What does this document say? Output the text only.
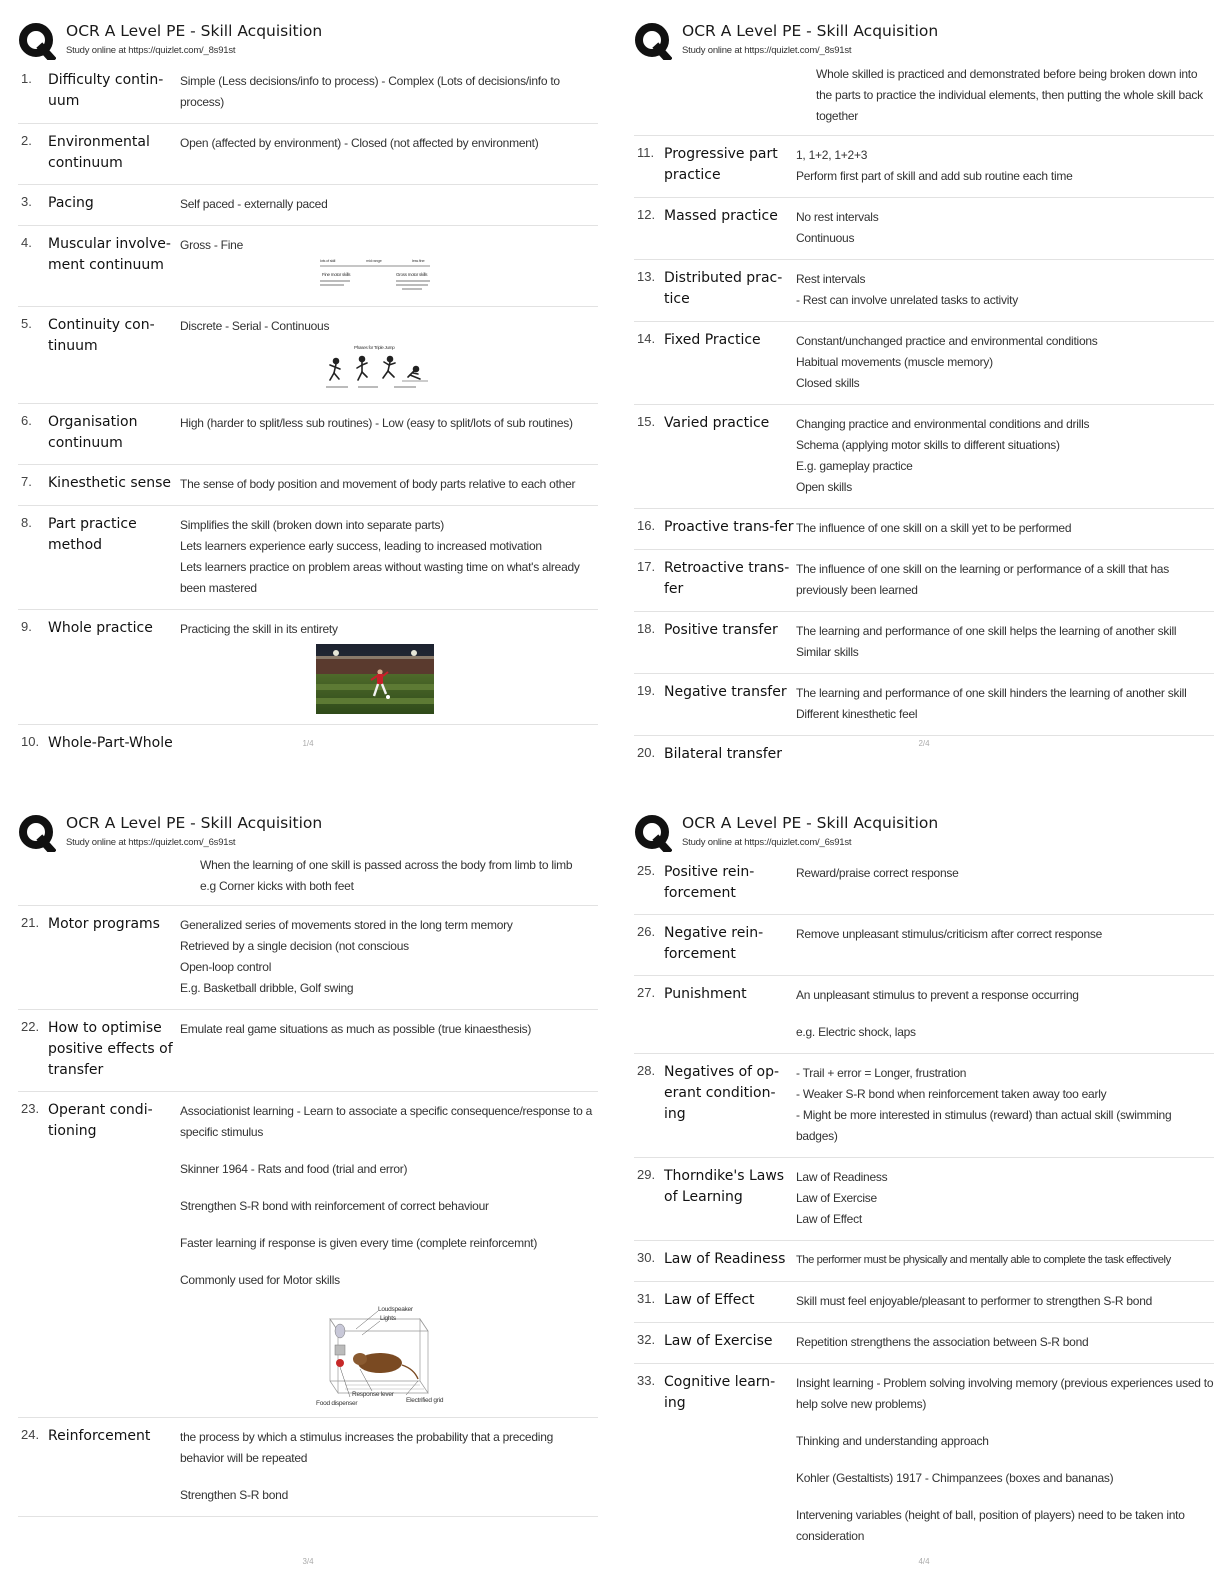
OCR A Level PE - Skill Acquisition
Study online at https://quizlet.com/_8s91st
1.	Difficulty contin-uum
Simple (Less decisions/info to process) - Complex (Lots of decisions/info to process)
2.	Environmental continuum
Open (affected by environment) - Closed (not affected by environment)
3.	Pacing	Self paced - externally paced
4.	Muscular involve-ment continuum
Gross - Fine
lots of skill	mid range	less fine
Fine motor skills	Gross motor skills
5.	Continuity con-tinuum
Discrete - Serial - Continuous
Phases for Triple Jump
6.	Organisation continuum
High (harder to split/less sub routines) - Low (easy to split/lots of sub routines)
7.	Kinesthetic sense The sense of body position and movement of body parts relative to each other
8.	Part practice method
Simplifies the skill (broken down into separate parts)
Lets learners experience early success, leading to increased motivation
Lets learners practice on problem areas without wasting time on what's already been mastered
9.	Whole practice	Practicing the skill in its entirety
10. Whole-Part-Whole	1/4
OCR A Level PE - Skill Acquisition
Study online at https://quizlet.com/_8s91st
Whole skilled is practiced and demonstrated before being broken down into the parts to practice the individual elements, then putting the whole skill back together
11. Progressive part practice
1, 1+2, 1+2+3
Perform first part of skill and add sub routine each time
12. Massed practice	No rest intervals
Continuous
13. Distributed prac-tice
Rest intervals
- Rest can involve unrelated tasks to activity
14. Fixed Practice	Constant/unchanged practice and environmental conditions
Habitual movements (muscle memory)
Closed skills
15. Varied practice	Changing practice and environmental conditions and drills
Schema (applying motor skills to different situations)
E.g. gameplay practice
Open skills
16. Proactive trans-fer The influence of one skill on a skill yet to be performed
17. Retroactive trans-fer
The influence of one skill on the learning or performance of a skill that has previously been learned
18. Positive transfer	The learning and performance of one skill helps the learning of another skill
Similar skills
19. Negative transfer The learning and performance of one skill hinders the learning of another skill
Different kinesthetic feel
20. Bilateral transfer
2/4
OCR A Level PE - Skill Acquisition
Study online at https://quizlet.com/_6s91st
When the learning of one skill is passed across the body from limb to limb
e.g Corner kicks with both feet
21. Motor programs	Generalized series of movements stored in the long term memory
Retrieved by a single decision (not conscious
Open-loop control
E.g. Basketball dribble, Golf swing
22. How to optimise positive effects of transfer
Emulate real game situations as much as possible (true kinaesthesis)
23. Operant condi-tioning
Associationist learning - Learn to associate a specific consequence/response to a specific stimulus
Skinner 1964 - Rats and food (trial and error)
Strengthen S-R bond with reinforcement of correct behaviour
Faster learning if response is given every time (complete reinforcemnt)
Commonly used for Motor skills
Loudspeaker
Lights
Response lever
Food dispenser	Electrified grid
24. Reinforcement	the process by which a stimulus increases the probability that a preceding behavior will be repeated
Strengthen S-R bond
3/4
OCR A Level PE - Skill Acquisition
Study online at https://quizlet.com/_6s91st
25. Positive rein-forcement
Reward/praise correct response
26. Negative rein-forcement
Remove unpleasant stimulus/criticism after correct response
27. Punishment	An unpleasant stimulus to prevent a response occurring
e.g. Electric shock, laps
28. Negatives of op-erant condition-ing
- Trail + error = Longer, frustration
- Weaker S-R bond when reinforcement taken away too early
- Might be more interested in stimulus (reward) than actual skill (swimming badges)
29. Thorndike's Laws of Learning
Law of Readiness
Law of Exercise
Law of Effect
30. Law of Readiness The performer must be physically and mentally able to complete the task effectively
31. Law of Effect	Skill must feel enjoyable/pleasant to performer to strengthen S-R bond
32. Law of Exercise	Repetition strengthens the association between S-R bond
33. Cognitive learn-ing
Insight learning - Problem solving involving memory (previous experiences used to help solve new problems)
Thinking and understanding approach
Kohler (Gestaltists) 1917 - Chimpanzees (boxes and bananas)
Intervening variables (height of ball, position of players) need to be taken into consideration
4/4
